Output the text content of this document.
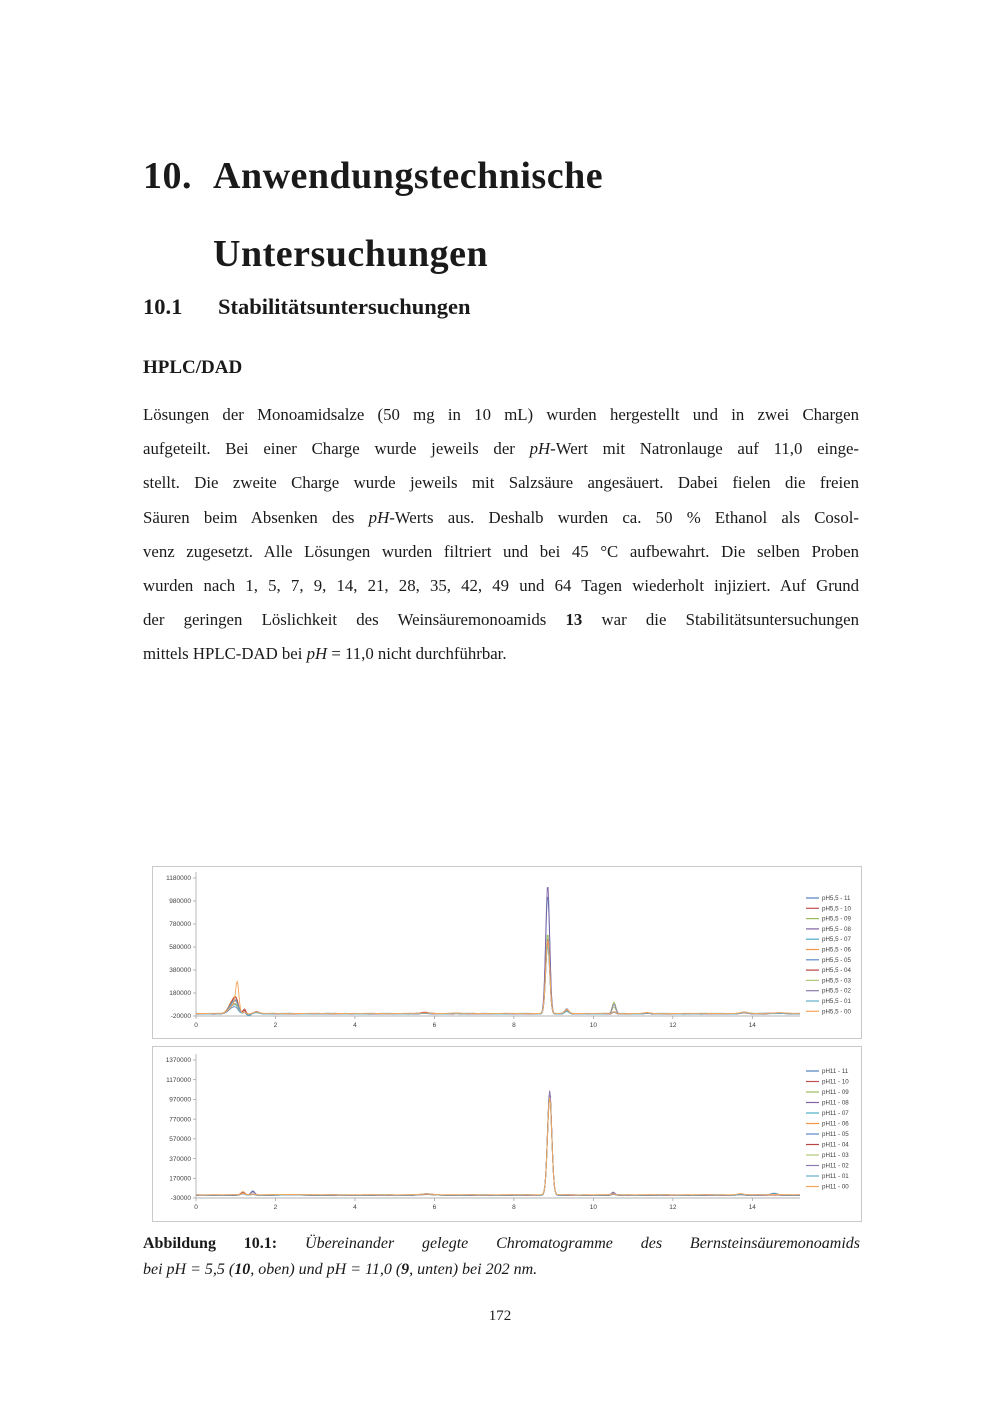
10. Anwendungstechnische
Untersuchungen
10.1 Stabilitätsuntersuchungen
HPLC/DAD
Lösungen der Monoamidsalze (50 mg in 10 mL) wurden hergestellt und in zwei Chargen
aufgeteilt. Bei einer Charge wurde jeweils der pH-Wert mit Natronlauge auf 11,0 einge-
stellt. Die zweite Charge wurde jeweils mit Salzsäure angesäuert. Dabei fielen die freien
Säuren beim Absenken des pH-Werts aus. Deshalb wurden ca. 50 % Ethanol als Cosol-
venz zugesetzt. Alle Lösungen wurden filtriert und bei 45 °C aufbewahrt. Die selben Proben
wurden nach 1, 5, 7, 9, 14, 21, 28, 35, 42, 49 und 64 Tagen wiederholt injiziert. Auf Grund
der geringen Löslichkeit des Weinsäuremonoamids 13 war die Stabilitätsuntersuchungen
mittels HPLC-DAD bei pH = 11,0 nicht durchführbar.
-20000
180000
380000
580000
780000
980000
1180000
0	2	4	6	8	10	12	14
pH5,5 - 11
pH5,5 - 10
pH5,5 - 09
pH5,5 - 08
pH5,5 - 07
pH5,5 - 06
pH5,5 - 05
pH5,5 - 04
pH5,5 - 03
pH5,5 - 02
pH5,5 - 01
pH5,5 - 00
-30000
170000
370000
570000
770000
970000
1170000
1370000
0	2	4	6	8	10	12	14
pH11 - 11
pH11 - 10
pH11 - 09
pH11 - 08
pH11 - 07
pH11 - 06
pH11 - 05
pH11 - 04
pH11 - 03
pH11 - 02
pH11 - 01
pH11 - 00
Abbildung 10.1: Übereinander gelegte Chromatogramme des Bernsteinsäuremonoamids
bei pH = 5,5 (10, oben) und pH = 11,0 (9, unten) bei 202 nm.
172
